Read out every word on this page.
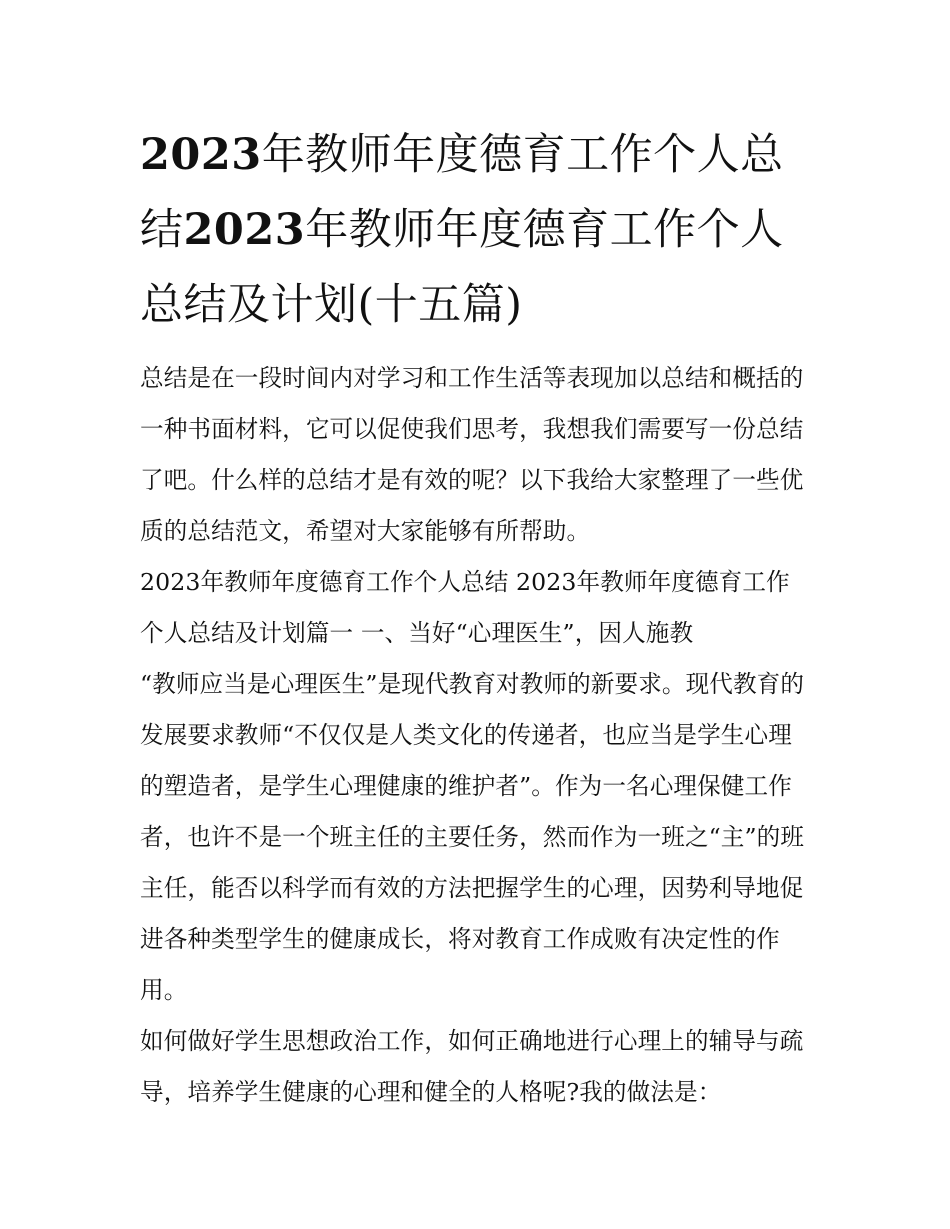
2023年教师年度德育工作个人总结2023年教师年度德育工作个人总结及计划(十五篇)

总结是在一段时间内对学习和工作生活等表现加以总结和概括的一种书面材料，它可以促使我们思考，我想我们需要写一份总结了吧。什么样的总结才是有效的呢？以下我给大家整理了一些优质的总结范文，希望对大家能够有所帮助。

2023年教师年度德育工作个人总结 2023年教师年度德育工作个人总结及计划篇一 一、当好“心理医生”，因人施教

“教师应当是心理医生”是现代教育对教师的新要求。现代教育的发展要求教师“不仅仅是人类文化的传递者，也应当是学生心理的塑造者，是学生心理健康的维护者”。作为一名心理保健工作者，也许不是一个班主任的主要任务，然而作为一班之“主”的班主任，能否以科学而有效的方法把握学生的心理，因势利导地促进各种类型学生的健康成长，将对教育工作成败有决定性的作用。

如何做好学生思想政治工作，如何正确地进行心理上的辅导与疏导，培养学生健康的心理和健全的人格呢?我的做法是：
